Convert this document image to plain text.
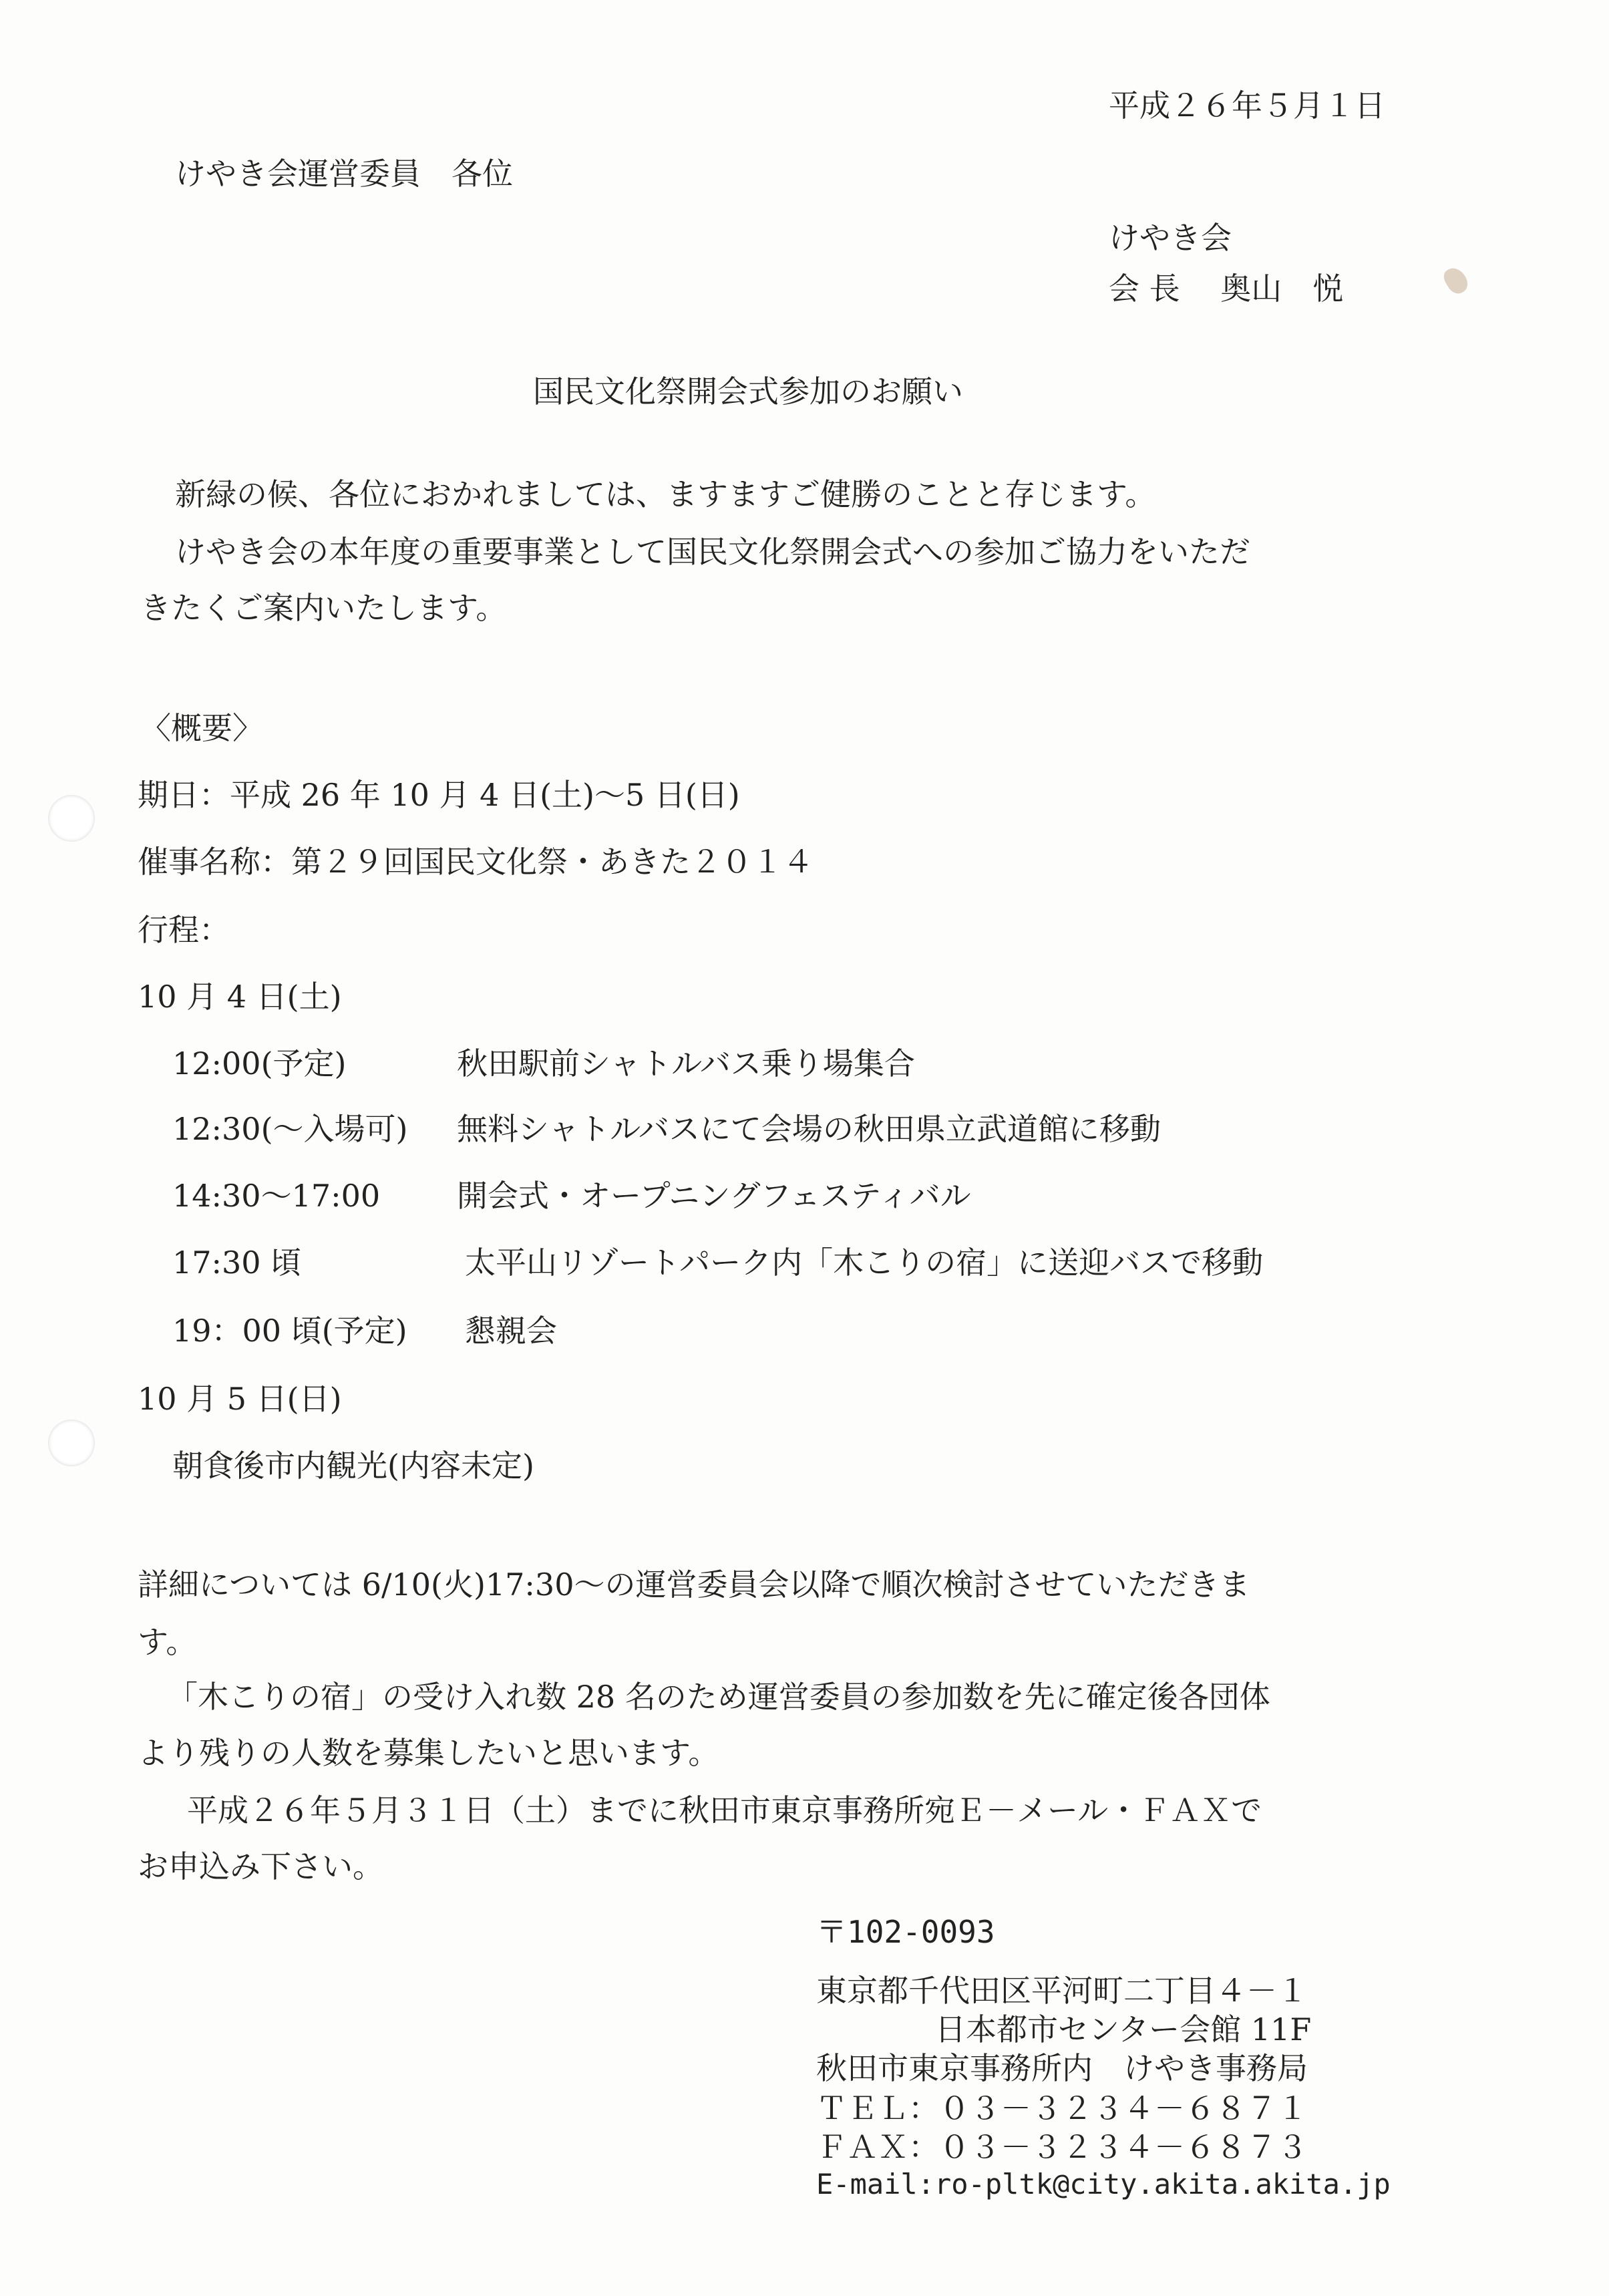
平成２６年５月１日
けやき会運営委員　各位
けやき会
会 長　 奥山　悦
国民文化祭開会式参加のお願い
新緑の候、各位におかれましては、ますますご健勝のことと存じます。
けやき会の本年度の重要事業として国民文化祭開会式への参加ご協力をいただ
きたくご案内いたします。
〈概要〉
期日：平成 26 年 10 月 4 日(土)～5 日(日)
催事名称：第２９回国民文化祭・あきた２０１４
行程：
10 月 4 日(土)
12:00(予定)	秋田駅前シャトルバス乗り場集合
12:30(～入場可) 無料シャトルバスにて会場の秋田県立武道館に移動
14:30～17:00 開会式・オープニングフェスティバル
17:30 頃	太平山リゾートパーク内「木こりの宿」に送迎バスで移動
19：00 頃(予定) 懇親会
10 月 5 日(日)
朝食後市内観光(内容未定)
詳細については 6/10(火)17:30～の運営委員会以降で順次検討させていただきま
す。
「木こりの宿」の受け入れ数 28 名のため運営委員の参加数を先に確定後各団体
より残りの人数を募集したいと思います。
平成２６年５月３１日（土）までに秋田市東京事務所宛Ｅ－メール・ＦＡＸで
お申込み下さい。
〒102-0093
東京都千代田区平河町二丁目４－１
日本都市センター会館 11F
秋田市東京事務所内　けやき事務局
ＴＥＬ：０３－３２３４－６８７１
ＦＡＸ：０３－３２３４－６８７３
E-mail:ro-pltk@city.akita.akita.jp
